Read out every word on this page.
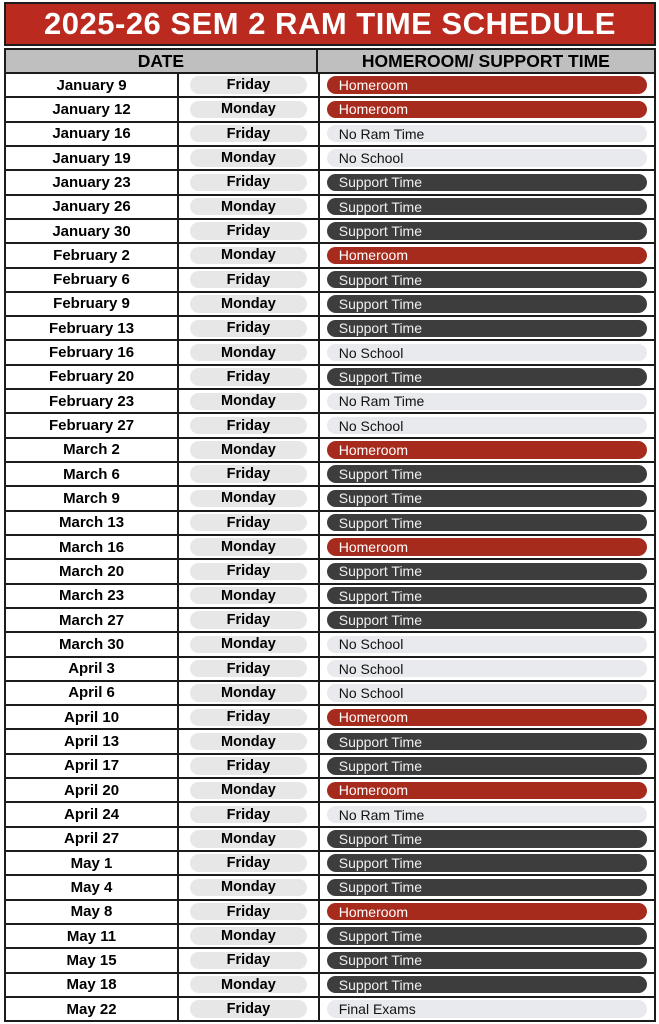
2025-26 SEM 2 RAM TIME SCHEDULE
DATE	HOMEROOM/ SUPPORT TIME
January 9	Friday	Homeroom
January 12	Monday	Homeroom
January 16	Friday	No Ram Time
January 19	Monday	No School
January 23	Friday	Support Time
January 26	Monday	Support Time
January 30	Friday	Support Time
February 2	Monday	Homeroom
February 6	Friday	Support Time
February 9	Monday	Support Time
February 13	Friday	Support Time
February 16	Monday	No School
February 20	Friday	Support Time
February 23	Monday	No Ram Time
February 27	Friday	No School
March 2	Monday	Homeroom
March 6	Friday	Support Time
March 9	Monday	Support Time
March 13	Friday	Support Time
March 16	Monday	Homeroom
March 20	Friday	Support Time
March 23	Monday	Support Time
March 27	Friday	Support Time
March 30	Monday	No School
April 3	Friday	No School
April 6	Monday	No School
April 10	Friday	Homeroom
April 13	Monday	Support Time
April 17	Friday	Support Time
April 20	Monday	Homeroom
April 24	Friday	No Ram Time
April 27	Monday	Support Time
May 1	Friday	Support Time
May 4	Monday	Support Time
May 8	Friday	Homeroom
May 11	Monday	Support Time
May 15	Friday	Support Time
May 18	Monday	Support Time
May 22	Friday	Final Exams
